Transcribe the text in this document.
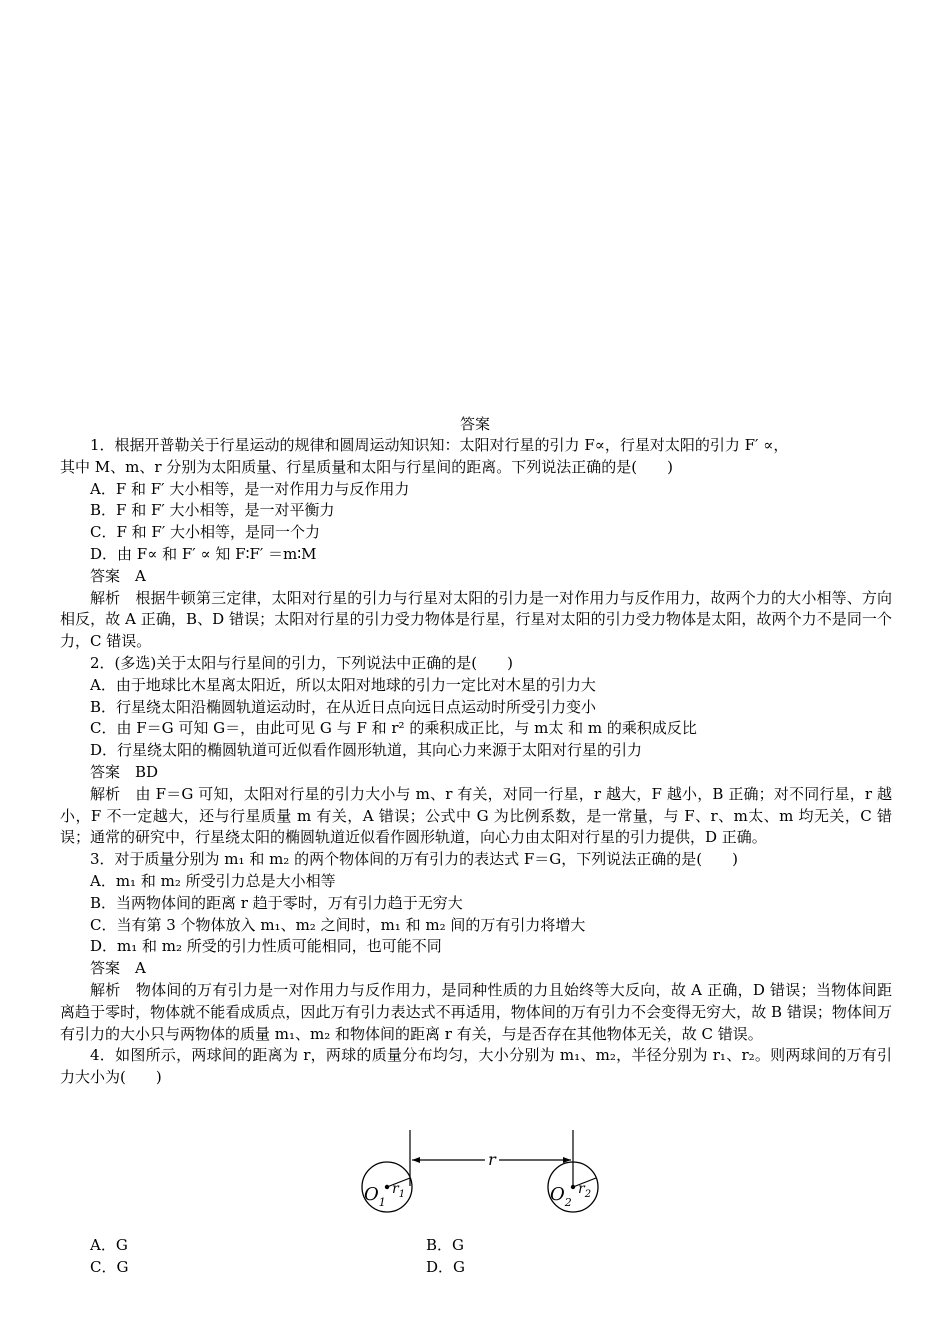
答案

1．根据开普勒关于行星运动的规律和圆周运动知识知：太阳对行星的引力 F∝，行星对太阳的引力 F′ ∝，

其中 M、m、r 分别为太阳质量、行星质量和太阳与行星间的距离。下列说法正确的是(　　)

A．F 和 F′ 大小相等，是一对作用力与反作用力

B．F 和 F′ 大小相等，是一对平衡力

C．F 和 F′ 大小相等，是同一个力

D．由 F∝ 和 F′ ∝ 知 F∶F′ ＝m∶M

答案　A

解析　根据牛顿第三定律，太阳对行星的引力与行星对太阳的引力是一对作用力与反作用力，故两个力的大小相等、方向相反，故 A 正确，B、D 错误；太阳对行星的引力受力物体是行星，行星对太阳的引力受力物体是太阳，故两个力不是同一个力，C 错误。

2．(多选)关于太阳与行星间的引力，下列说法中正确的是(　　)

A．由于地球比木星离太阳近，所以太阳对地球的引力一定比对木星的引力大

B．行星绕太阳沿椭圆轨道运动时，在从近日点向远日点运动时所受引力变小

C．由 F＝G 可知 G＝，由此可见 G 与 F 和 r² 的乘积成正比，与 m太 和 m 的乘积成反比

D．行星绕太阳的椭圆轨道可近似看作圆形轨道，其向心力来源于太阳对行星的引力

答案　BD

解析　由 F＝G 可知，太阳对行星的引力大小与 m、r 有关，对同一行星，r 越大，F 越小，B 正确；对不同行星，r 越小，F 不一定越大，还与行星质量 m 有关，A 错误；公式中 G 为比例系数，是一常量，与 F、r、m太、m 均无关，C 错误；通常的研究中，行星绕太阳的椭圆轨道近似看作圆形轨道，向心力由太阳对行星的引力提供，D 正确。

3．对于质量分别为 m₁ 和 m₂ 的两个物体间的万有引力的表达式 F＝G，下列说法正确的是(　　)

A．m₁ 和 m₂ 所受引力总是大小相等

B．当两物体间的距离 r 趋于零时，万有引力趋于无穷大

C．当有第 3 个物体放入 m₁、m₂ 之间时，m₁ 和 m₂ 间的万有引力将增大

D．m₁ 和 m₂ 所受的引力性质可能相同，也可能不同

答案　A

解析　物体间的万有引力是一对作用力与反作用力，是同种性质的力且始终等大反向，故 A 正确，D 错误；当物体间距离趋于零时，物体就不能看成质点，因此万有引力表达式不再适用，物体间的万有引力不会变得无穷大，故 B 错误；物体间万有引力的大小只与两物体的质量 m₁、m₂ 和物体间的距离 r 有关，与是否存在其他物体无关，故 C 错误。

4．如图所示，两球间的距离为 r，两球的质量分布均匀，大小分别为 m₁、m₂，半径分别为 r₁、r₂。则两球间的万有引力大小为(　　)

r
$O_1$
$r_1$	$O_2$
$r_2$
A．G	B．G
C．G	D．G
